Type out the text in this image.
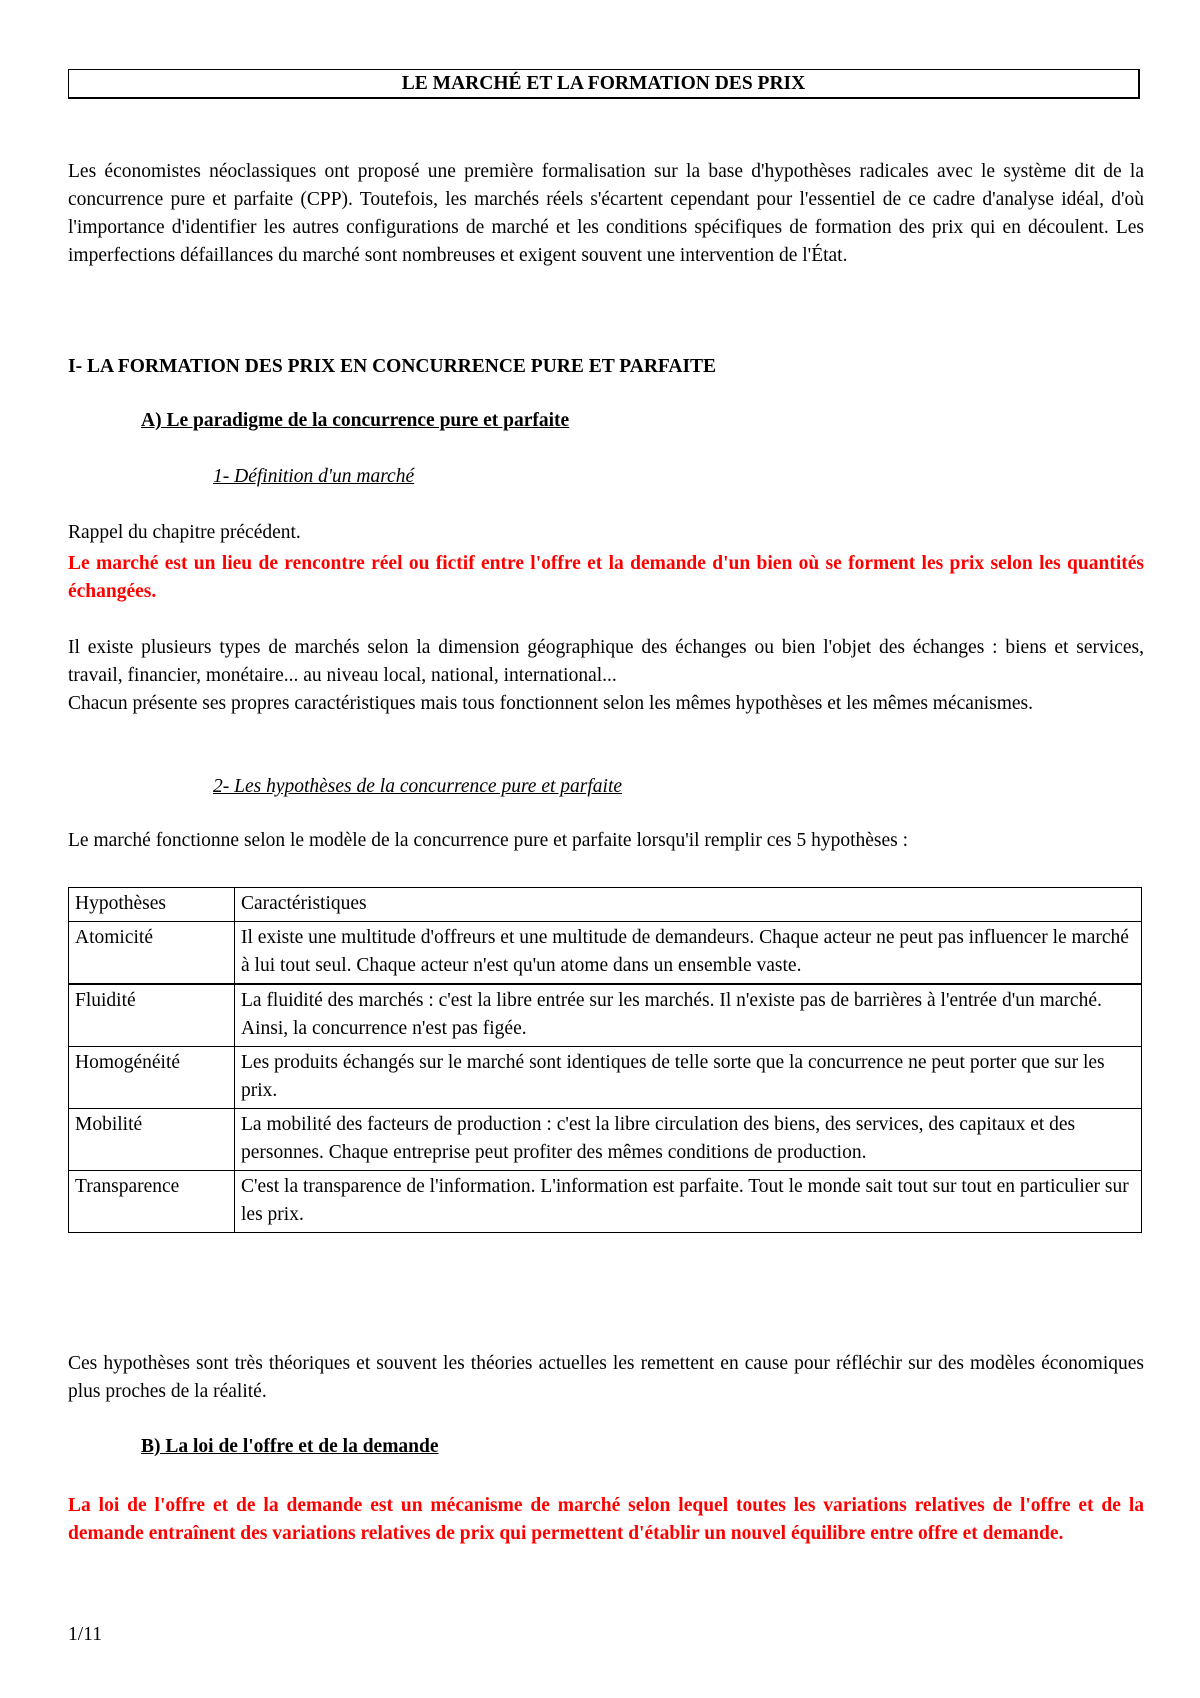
LE MARCHÉ ET LA FORMATION DES PRIX
Les économistes néoclassiques ont proposé une première formalisation sur la base d'hypothèses radicales avec le système dit de la concurrence pure et parfaite (CPP). Toutefois, les marchés réels s'écartent cependant pour l'essentiel de ce cadre d'analyse idéal, d'où l'importance d'identifier les autres configurations de marché et les conditions spécifiques de formation des prix qui en découlent. Les imperfections défaillances du marché sont nombreuses et exigent souvent une intervention de l'État.
I- LA FORMATION DES PRIX EN CONCURRENCE PURE ET PARFAITE
A) Le paradigme de la concurrence pure et parfaite
1- Définition d'un marché
Rappel du chapitre précédent.
Le marché est un lieu de rencontre réel ou fictif entre l'offre et la demande d'un bien où se forment les prix selon les quantités échangées.
Il existe plusieurs types de marchés selon la dimension géographique des échanges ou bien l'objet des échanges : biens et services, travail, financier, monétaire... au niveau local, national, international...
Chacun présente ses propres caractéristiques mais tous fonctionnent selon les mêmes hypothèses et les mêmes mécanismes.
2- Les hypothèses de la concurrence pure et parfaite
Le marché fonctionne selon le modèle de la concurrence pure et parfaite lorsqu'il remplir ces 5 hypothèses :
Hypothèses	Caractéristiques
Atomicité	Il existe une multitude d'offreurs et une multitude de demandeurs. Chaque acteur ne peut pas influencer le marché à lui tout seul. Chaque acteur n'est qu'un atome dans un ensemble vaste.
Fluidité	La fluidité des marchés : c'est la libre entrée sur les marchés. Il n'existe pas de barrières à l'entrée d'un marché. Ainsi, la concurrence n'est pas figée.
Homogénéité	Les produits échangés sur le marché sont identiques de telle sorte que la concurrence ne peut porter que sur les prix.
Mobilité	La mobilité des facteurs de production : c'est la libre circulation des biens, des services, des capitaux et des personnes. Chaque entreprise peut profiter des mêmes conditions de production.
Transparence	C'est la transparence de l'information. L'information est parfaite. Tout le monde sait tout sur tout en particulier sur les prix.
Ces hypothèses sont très théoriques et souvent les théories actuelles les remettent en cause pour réfléchir sur des modèles économiques plus proches de la réalité.
B) La loi de l'offre et de la demande
La loi de l'offre et de la demande est un mécanisme de marché selon lequel toutes les variations relatives de l'offre et de la demande entraînent des variations relatives de prix qui permettent d'établir un nouvel équilibre entre offre et demande.
1/11
